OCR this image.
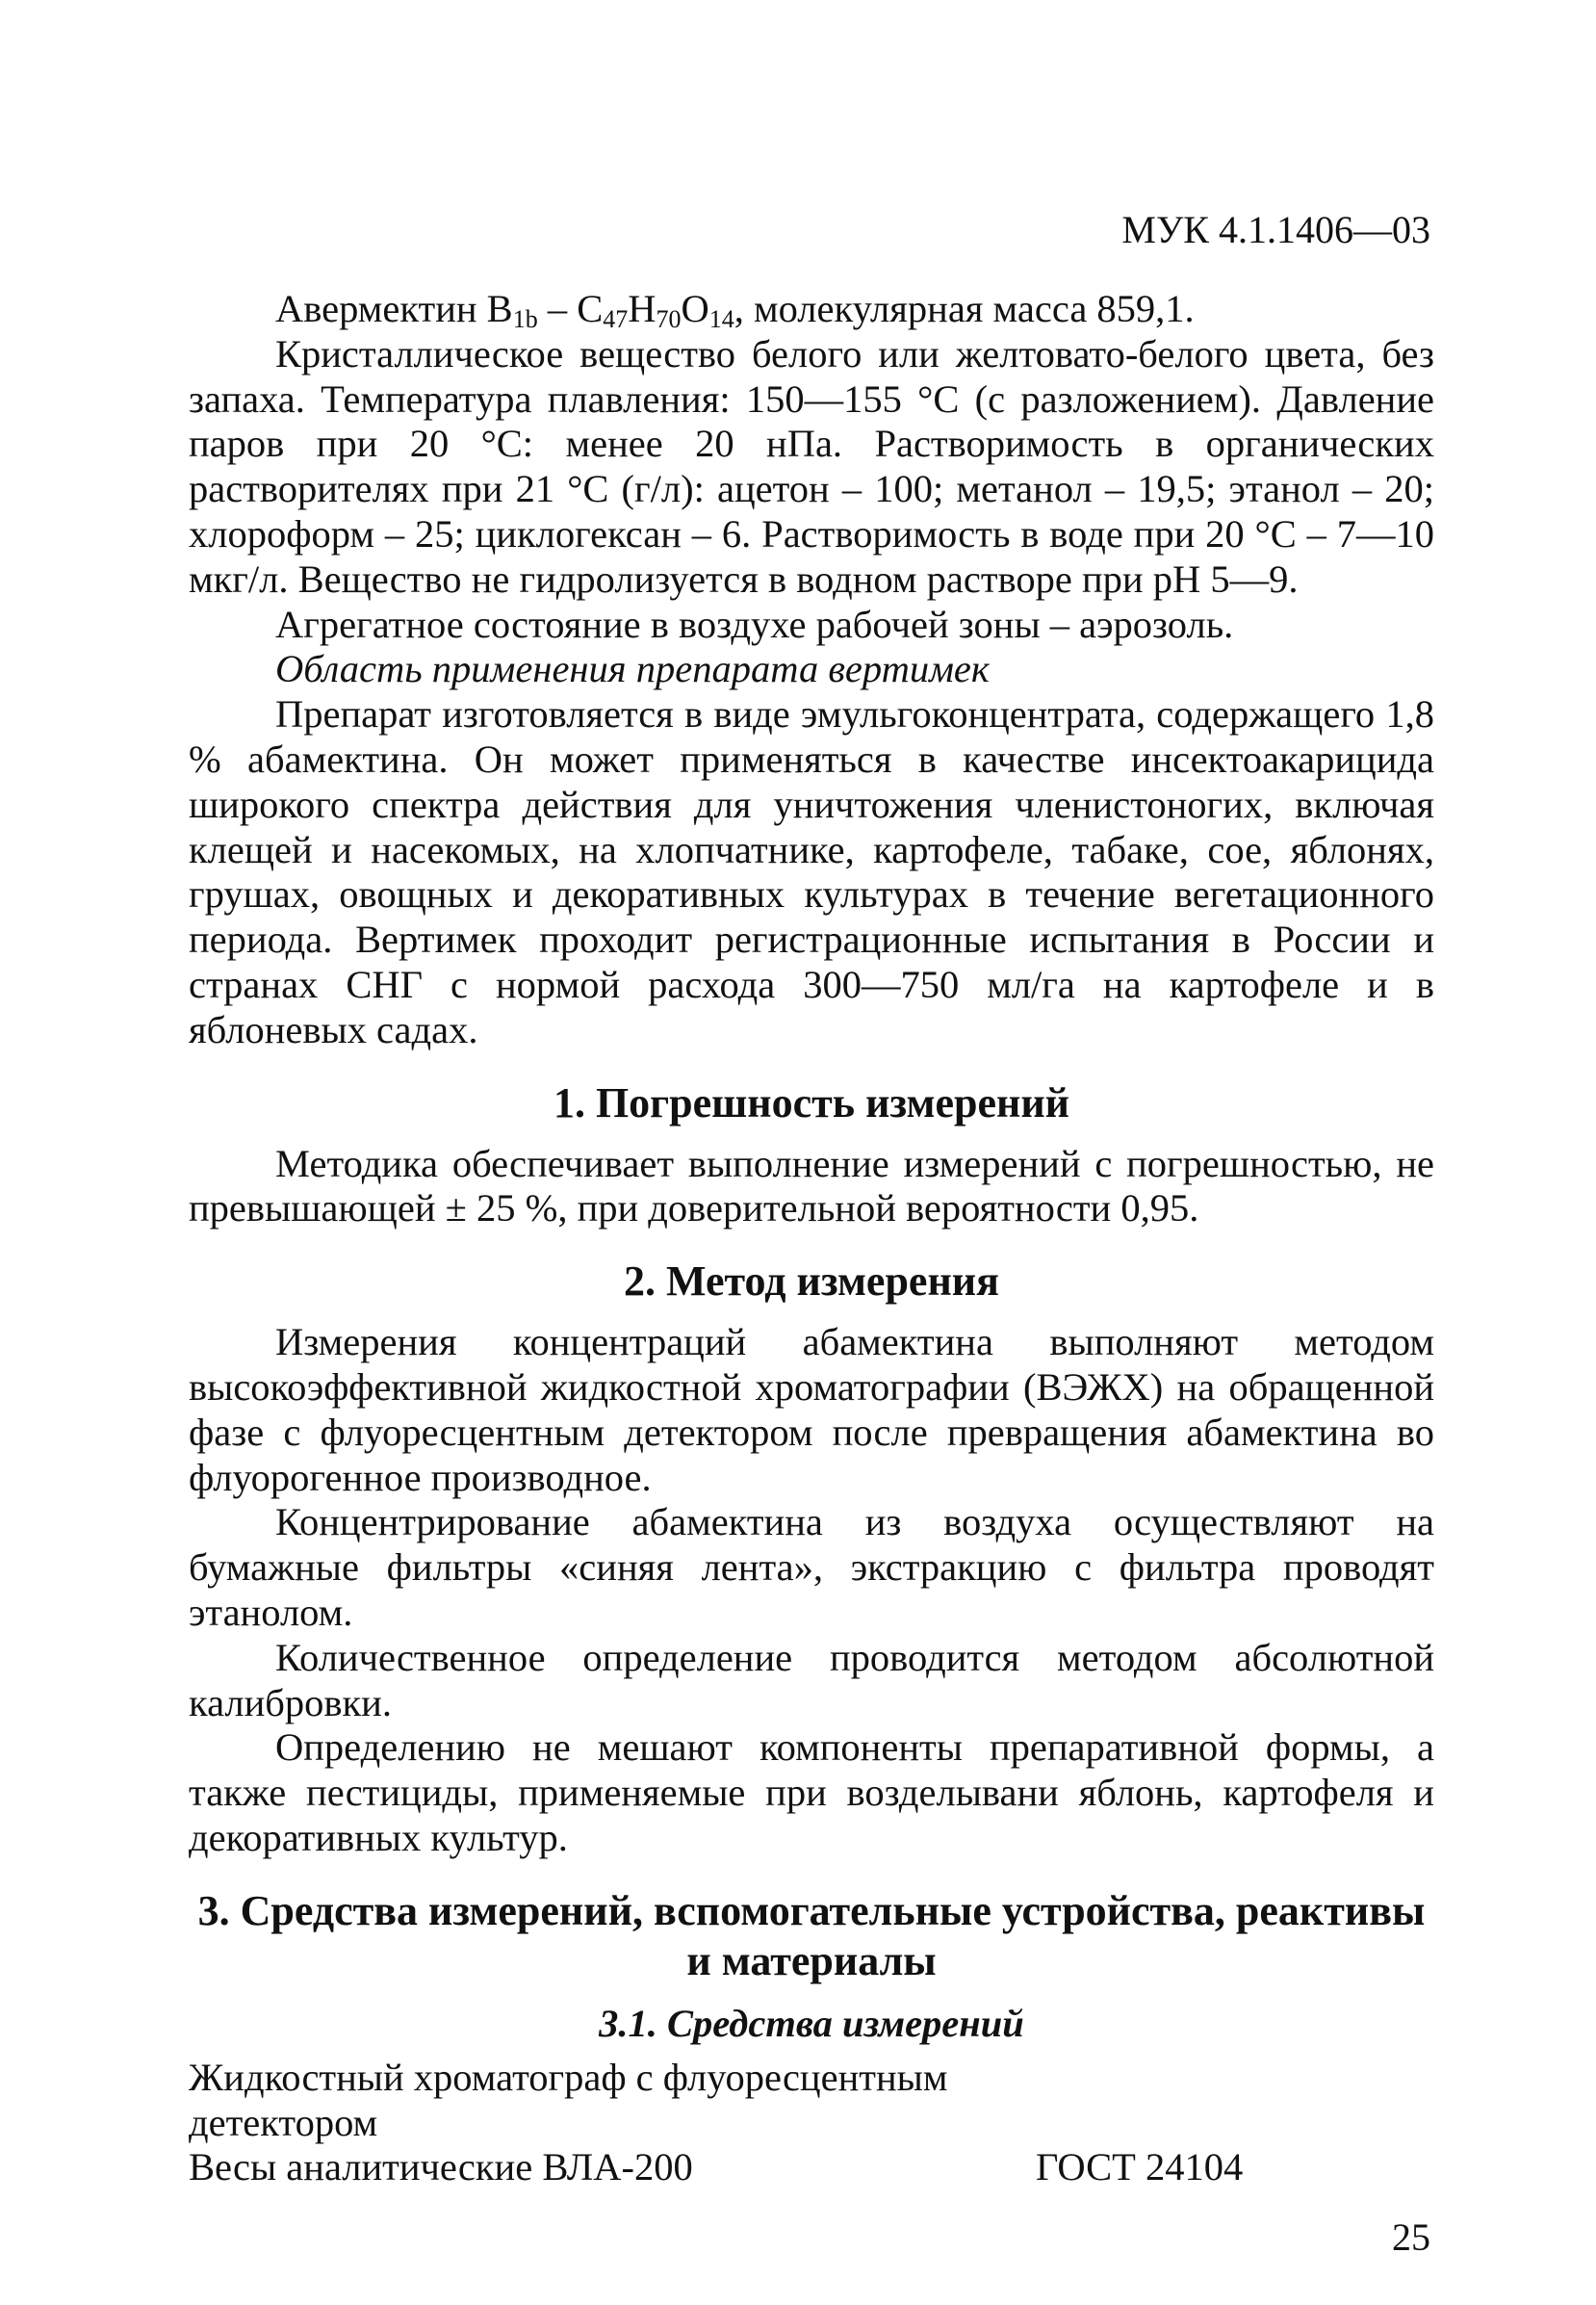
МУК 4.1.1406—03

Авермектин $B_{1b} - C_{47}H_{70}O_{14}$, молекулярная масса 859,1.

Кристаллическое вещество белого или желтовато-белого цвета, без запаха. Температура плавления: 150—155 °С (с разложением). Давление паров при 20 °С: менее 20 нПа. Растворимость в органических растворителях при 21 °С (г/л): ацетон – 100; метанол – 19,5; этанол – 20; хлороформ – 25; циклогексан – 6. Растворимость в воде при 20 °С – 7—10 мкг/л. Вещество не гидролизуется в водном растворе при рН 5—9.

Агрегатное состояние в воздухе рабочей зоны – аэрозоль.

Область применения препарата вертимек

Препарат изготовляется в виде эмульгоконцентрата, содержащего 1,8 % абамектина. Он может применяться в качестве инсектоакарицида широкого спектра действия для уничтожения членистоногих, включая клещей и насекомых, на хлопчатнике, картофеле, табаке, сое, яблонях, грушах, овощных и декоративных культурах в течение вегетационного периода. Вертимек проходит регистрационные испытания в России и странах СНГ с нормой расхода 300—750 мл/га на картофеле и в яблоневых садах.

1. Погрешность измерений

Методика обеспечивает выполнение измерений с погрешностью, не превышающей ± 25 %, при доверительной вероятности 0,95.

2. Метод измерения

Измерения концентраций абамектина выполняют методом высокоэффективной жидкостной хроматографии (ВЭЖХ) на обращенной фазе с флуоресцентным детектором после превращения абамектина во флуорогенное производное.

Концентрирование абамектина из воздуха осуществляют на бумажные фильтры «синяя лента», экстракцию с фильтра проводят этанолом.

Количественное определение проводится методом абсолютной калибровки.

Определению не мешают компоненты препаративной формы, а также пестициды, применяемые при возделывани яблонь, картофеля и декоративных культур.

3. Средства измерений, вспомогательные устройства, реактивы и материалы
3.1. Средства измерений
Жидкостный хроматограф с флуоресцентным детектором
Весы аналитические ВЛА-200	ГОСТ 24104
25
